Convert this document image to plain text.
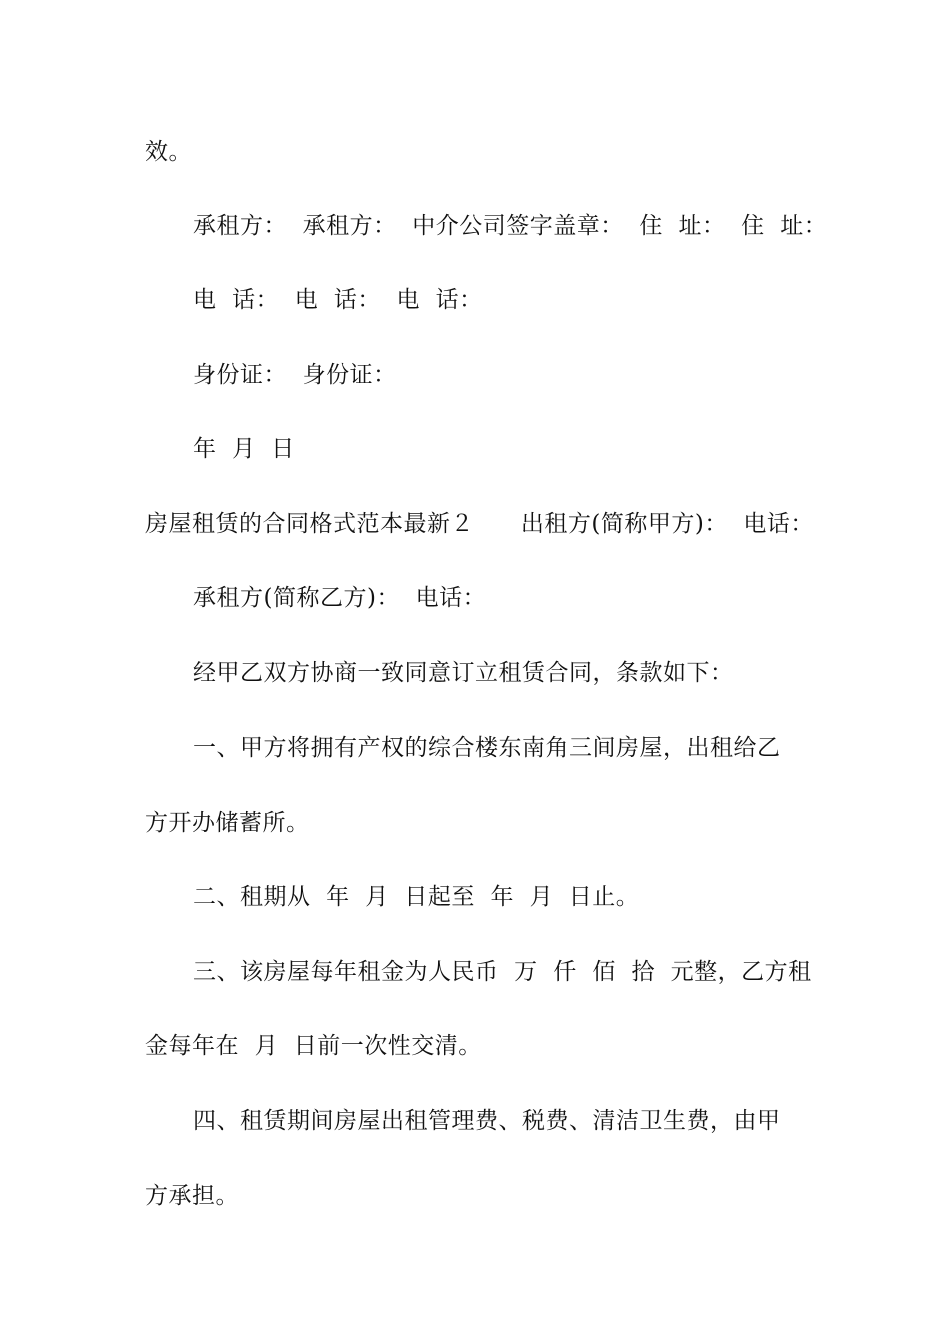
效。
承租方：  承租方：  中介公司签字盖章：  住  址：  住  址：
电  话：  电  话：  电  话：
身份证：  身份证：
年  月  日
房屋租赁的合同格式范本最新２      出租方(简称甲方)：  电话：
承租方(简称乙方)：  电话：
经甲乙双方协商一致同意订立租赁合同，条款如下：
一、甲方将拥有产权的综合楼东南角三间房屋，出租给乙
方开办储蓄所。
二、租期从  年  月  日起至  年  月  日止。
三、该房屋每年租金为人民币  万  仟  佰  拾  元整，乙方租
金每年在  月  日前一次性交清。
四、租赁期间房屋出租管理费、税费、清洁卫生费，由甲
方承担。
